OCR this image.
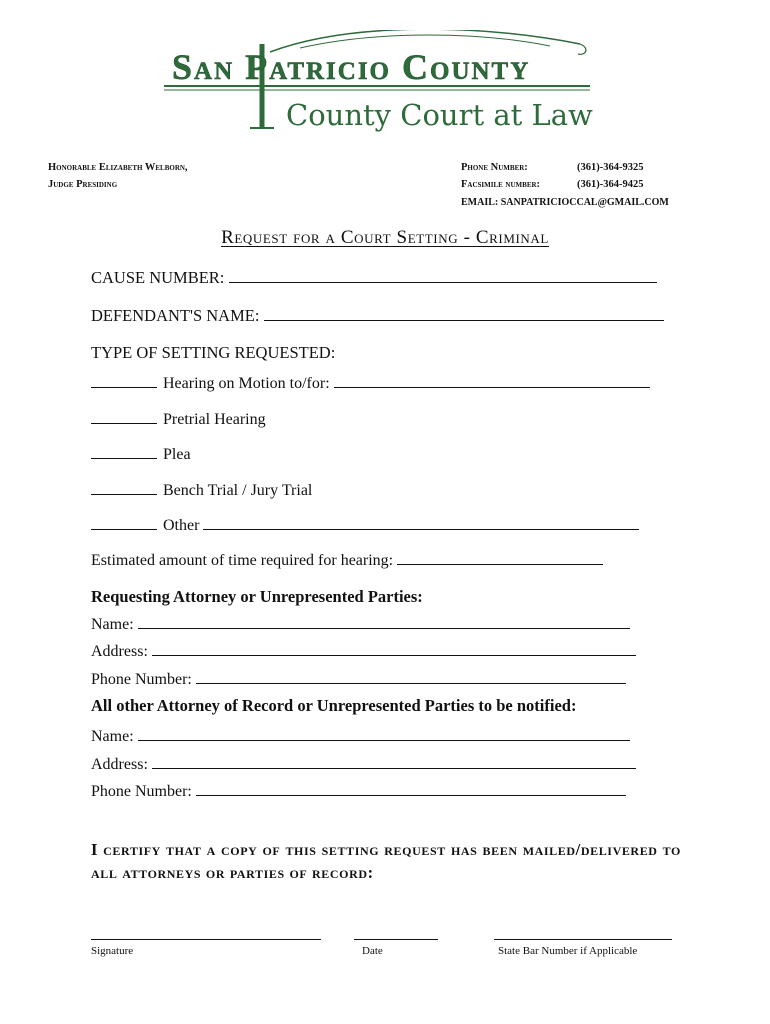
San Patricio County
County Court at Law
Honorable Elizabeth Welborn,
Judge Presiding
Phone Number:	(361)-364-9325
Facsimile number:	(361)-364-9425
EMAIL: SANPATRICIOCCAL@GMAIL.COM
Request for a Court Setting - Criminal
CAUSE NUMBER:
DEFENDANT'S NAME:
TYPE OF SETTING REQUESTED:
Hearing on Motion to/for:
Pretrial Hearing
Plea
Bench Trial / Jury Trial
Other
Estimated amount of time required for hearing:
Requesting Attorney or Unrepresented Parties:
Name:
Address:
Phone Number:
All other Attorney of Record or Unrepresented Parties to be notified:
Name:
Address:
Phone Number:
I certify that a copy of this setting request has been mailed/delivered to all attorneys or parties of record:
Signature	Date	State Bar Number if Applicable
